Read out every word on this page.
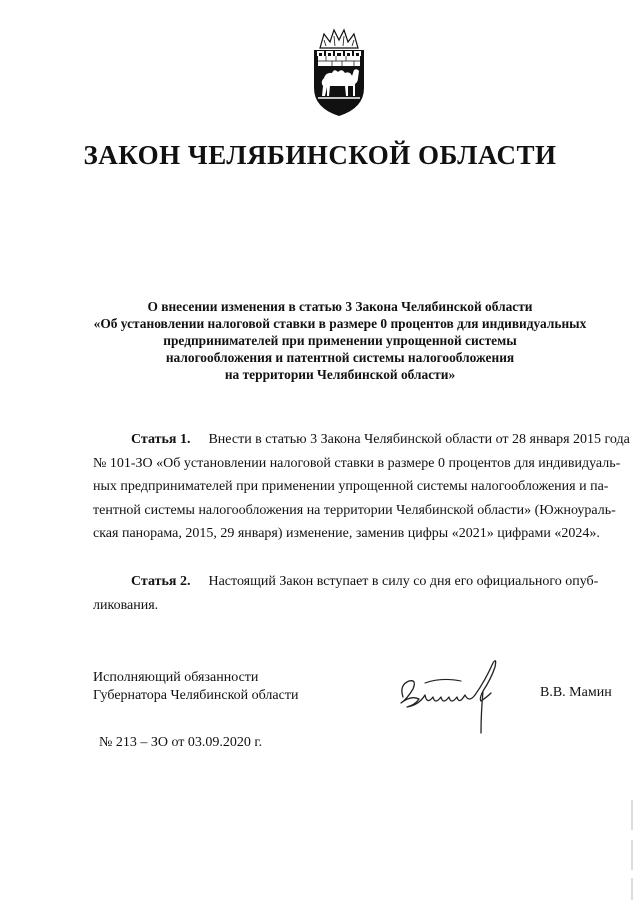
ЗАКОН ЧЕЛЯБИНСКОЙ ОБЛАСТИ
О внесении изменения в статью 3 Закона Челябинской области
«Об установлении налоговой ставки в размере 0 процентов для индивидуальных
предпринимателей при применении упрощенной системы
налогообложения и патентной системы налогообложения
на территории Челябинской области»
Статья 1. Внести в статью 3 Закона Челябинской области от 28 января 2015 года
№ 101-ЗО «Об установлении налоговой ставки в размере 0 процентов для индивидуаль-
ных предпринимателей при применении упрощенной системы налогообложения и па-
тентной системы налогообложения на территории Челябинской области» (Южноураль-
ская панорама, 2015, 29 января) изменение, заменив цифры «2021» цифрами «2024».
Статья 2. Настоящий Закон вступает в силу со дня его официального опуб-
ликования.
Исполняющий обязанности
Губернатора Челябинской области	В.В. Мамин
№ 213 – ЗО от 03.09.2020 г.
